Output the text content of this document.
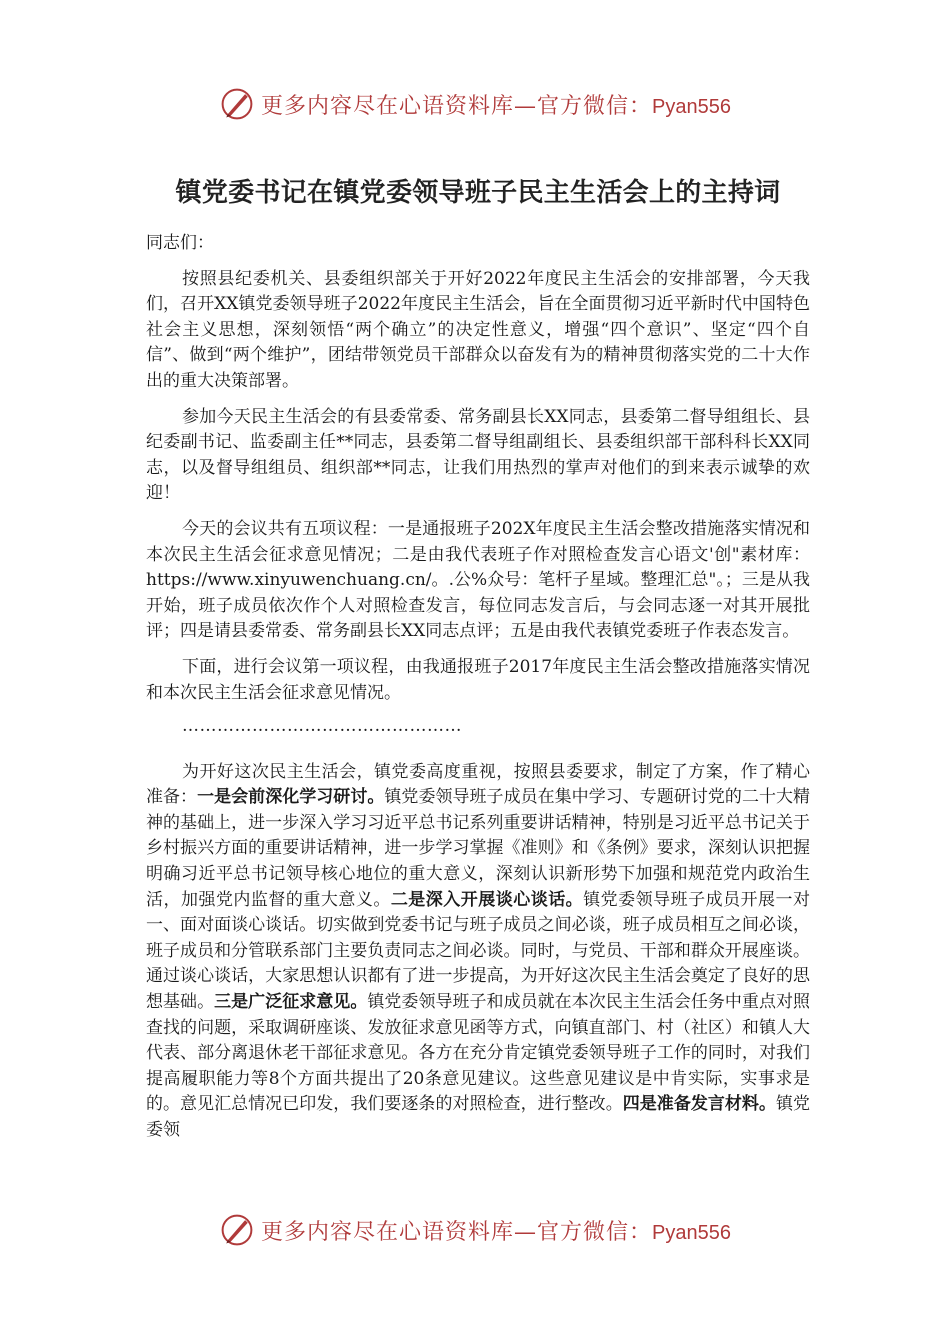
更多内容尽在心语资料库—官方微信：Pyan556
镇党委书记在镇党委领导班子民主生活会上的主持词

同志们：

按照县纪委机关、县委组织部关于开好2022年度民主生活会的安排部署，今天我们，召开XX镇党委领导班子2022年度民主生活会，旨在全面贯彻习近平新时代中国特色社会主义思想，深刻领悟“两个确立”的决定性意义，增强“四个意识”、坚定“四个自信”、做到“两个维护”，团结带领党员干部群众以奋发有为的精神贯彻落实党的二十大作出的重大决策部署。

参加今天民主生活会的有县委常委、常务副县长XX同志，县委第二督导组组长、县纪委副书记、监委副主任**同志，县委第二督导组副组长、县委组织部干部科科长XX同志，以及督导组组员、组织部**同志，让我们用热烈的掌声对他们的到来表示诚挚的欢迎！

今天的会议共有五项议程：一是通报班子202X年度民主生活会整改措施落实情况和本次民主生活会征求意见情况；二是由我代表班子作对照检查发言心语文'创"素材库：https://www.xinyuwenchuang.cn/。.公%众号：笔杆子星域。整理汇总"。；三是从我开始，班子成员依次作个人对照检查发言，每位同志发言后，与会同志逐一对其开展批评；四是请县委常委、常务副县长XX同志点评；五是由我代表镇党委班子作表态发言。

下面，进行会议第一项议程，由我通报班子2017年度民主生活会整改措施落实情况和本次民主生活会征求意见情况。

…………………………………………

为开好这次民主生活会，镇党委高度重视，按照县委要求，制定了方案，作了精心准备：一是会前深化学习研讨。镇党委领导班子成员在集中学习、专题研讨党的二十大精神的基础上，进一步深入学习习近平总书记系列重要讲话精神，特别是习近平总书记关于乡村振兴方面的重要讲话精神，进一步学习掌握《准则》和《条例》要求，深刻认识把握明确习近平总书记领导核心地位的重大意义，深刻认识新形势下加强和规范党内政治生活，加强党内监督的重大意义。二是深入开展谈心谈话。镇党委领导班子成员开展一对一、面对面谈心谈话。切实做到党委书记与班子成员之间必谈，班子成员相互之间必谈，班子成员和分管联系部门主要负责同志之间必谈。同时，与党员、干部和群众开展座谈。通过谈心谈话，大家思想认识都有了进一步提高，为开好这次民主生活会奠定了良好的思想基础。三是广泛征求意见。镇党委领导班子和成员就在本次民主生活会任务中重点对照查找的问题，采取调研座谈、发放征求意见函等方式，向镇直部门、村（社区）和镇人大代表、部分离退休老干部征求意见。各方在充分肯定镇党委领导班子工作的同时，对我们提高履职能力等8个方面共提出了20条意见建议。这些意见建议是中肯实际，实事求是的。意见汇总情况已印发，我们要逐条的对照检查，进行整改。四是准备发言材料。镇党委领

更多内容尽在心语资料库—官方微信：Pyan556
